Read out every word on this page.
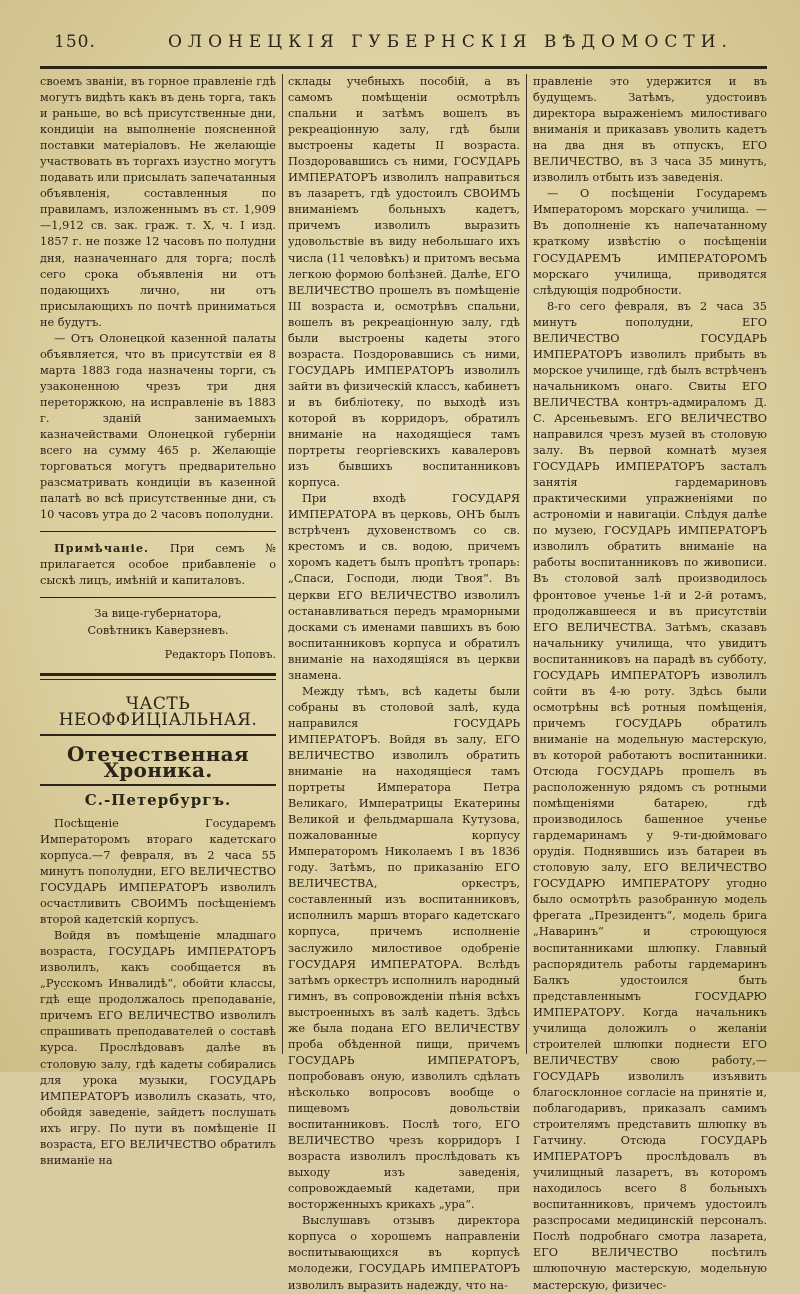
150.	ОЛОНЕЦКІЯ ГУБЕРНСКІЯ ВѢДОМОСТИ.

своемъ званіи, въ горное правленіе гдѣ могутъ видѣть какъ въ день торга, такъ и раньше, во всѣ присутственные дни, кондиціи на выполненіе поясненной поставки матеріаловъ. Не желающіе участвовать въ торгахъ изустно могутъ подавать или присылать запечатанныя объявленія, составленныя по правиламъ, изложеннымъ въ ст. 1,909—1,912 св. зак. граж. т. X, ч. I изд. 1857 г. не позже 12 часовъ по полудни дня, назначеннаго для торга; послѣ сего срока объявленія ни отъ подающихъ лично, ни отъ присылающихъ по почтѣ приниматься не будутъ.

— Отъ Олонецкой казенной палаты объявляется, что въ присутствіи ея 8 марта 1883 года назначены торги, съ узаконенною чрезъ три дня переторжкою, на исправленіе въ 1883 г. зданій занимаемыхъ казначействами Олонецкой губерніи всего на сумму 465 р. Желающіе торговаться могутъ предварительно разсматривать кондиціи въ казенной палатѣ во всѣ присутственные дни, съ 10 часовъ утра до 2 часовъ пополудни.

Примѣчаніе. При семъ № прилагается особое прибавленіе о сыскѣ лицъ, имѣній и капиталовъ.

За вице-губернатора,

Совѣтникъ Каверзневъ.

Редакторъ Поповъ.

ЧАСТЬ НЕОФФИЦІАЛЬНАЯ.
Отечественная Хроника.
С.-Петербургъ.

Посѣщеніе Государемъ Императоромъ втораго кадетскаго корпуса.—7 февраля, въ 2 часа 55 минутъ пополудни, ЕГО ВЕЛИЧЕСТВО ГОСУДАРЬ ИМПЕРАТОРЪ изволилъ осчастливить СВОИМЪ посѣщеніемъ второй кадетскій корпусъ.

Войдя въ помѣщеніе младшаго возраста, ГОСУДАРЬ ИМПЕРАТОРЪ изволилъ, какъ сообщается въ „Русскомъ Инвалидѣ“, обойти классы, гдѣ еще продолжалось преподаваніе, причемъ ЕГО ВЕЛИЧЕСТВО изволилъ спрашивать преподавателей о составѣ курса. Прослѣдовавъ далѣе въ столовую залу, гдѣ кадеты собирались для урока музыки, ГОСУДАРЬ ИМПЕРАТОРЪ изволилъ сказать, что, обойдя заведеніе, зайдетъ послушать ихъ игру. По пути въ помѣщеніе II возраста, ЕГО ВЕЛИЧЕСТВО обратилъ вниманіе на

склады учебныхъ пособій, а въ самомъ помѣщеніи осмотрѣлъ спальни и затѣмъ вошелъ въ рекреаціонную залу, гдѣ были выстроены кадеты II возраста. Поздоровавшись съ ними, ГОСУДАРЬ ИМПЕРАТОРЪ изволилъ направиться въ лазаретъ, гдѣ удостоилъ СВОИМЪ вниманіемъ больныхъ кадетъ, причемъ изволилъ выразить удовольствіе въ виду небольшаго ихъ числа (11 человѣкъ) и притомъ весьма легкою формою болѣзней. Далѣе, ЕГО ВЕЛИЧЕСТВО прошелъ въ помѣщеніе III возраста и, осмотрѣвъ спальни, вошелъ въ рекреаціонную залу, гдѣ были выстроены кадеты этого возраста. Поздоровавшись съ ними, ГОСУДАРЬ ИМПЕРАТОРЪ изволилъ зайти въ физическій классъ, кабинетъ и въ библіотеку, по выходѣ изъ которой въ корридоръ, обратилъ вниманіе на находящіеся тамъ портреты георгіевскихъ кавалеровъ изъ бывшихъ воспитанниковъ корпуса.

При входѣ ГОСУДАРЯ ИМПЕРАТОРА въ церковь, ОНЪ былъ встрѣченъ духовенствомъ со св. крестомъ и св. водою, причемъ хоромъ кадетъ былъ пропѣтъ тропарь: „Спаси, Господи, люди Твоя“. Въ церкви ЕГО ВЕЛИЧЕСТВО изволилъ останавливаться передъ мраморными досками съ именами павшихъ въ бою воспитанниковъ корпуса и обратилъ вниманіе на находящіяся въ церкви знамена.

Между тѣмъ, всѣ кадеты были собраны въ столовой залѣ, куда направился ГОСУДАРЬ ИМПЕРАТОРЪ. Войдя въ залу, ЕГО ВЕЛИЧЕСТВО изволилъ обратить вниманіе на находящіеся тамъ портреты Императора Петра Великаго, Императрицы Екатерины Великой и фельдмаршала Кутузова, пожалованные корпусу Императоромъ Николаемъ I въ 1836 году. Затѣмъ, по приказанію ЕГО ВЕЛИЧЕСТВА, оркестръ, составленный изъ воспитанниковъ, исполнилъ маршъ втораго кадетскаго корпуса, причемъ исполненіе заслужило милостивое одобреніе ГОСУДАРЯ ИМПЕРАТОРА. Вслѣдъ затѣмъ оркестръ исполнилъ народный гимнъ, въ сопровожденіи пѣнія всѣхъ выстроенныхъ въ залѣ кадетъ. Здѣсь же была подана ЕГО ВЕЛИЧЕСТВУ проба обѣденной пищи, причемъ ГОСУДАРЬ ИМПЕРАТОРЪ, попробовавъ оную, изволилъ сдѣлать нѣсколько вопросовъ вообще о пищевомъ довольствіи воспитанниковъ. Послѣ того, ЕГО ВЕЛИЧЕСТВО чрезъ корридоръ I возраста изволилъ прослѣдовать къ выходу изъ заведенія, сопровождаемый кадетами, при восторженныхъ крикахъ „ура“.

Выслушавъ отзывъ директора корпуса о хорошемъ направленіи воспитывающихся въ корпусѣ молодежи, ГОСУДАРЬ ИМПЕРАТОРЪ изволилъ выразить надежду, что на-

правленіе это удержится и въ будущемъ. Затѣмъ, удостоивъ директора выраженіемъ милостиваго вниманія и приказавъ уволить кадетъ на два дня въ отпускъ, ЕГО ВЕЛИЧЕСТВО, въ 3 часа 35 минутъ, изволилъ отбыть изъ заведенія.

— О посѣщеніи Государемъ Императоромъ морскаго училища. — Въ дополненіе къ напечатанному краткому извѣстію о посѣщеніи ГОСУДАРЕМЪ ИМПЕРАТОРОМЪ морскаго училища, приводятся слѣдующія подробности.

8-го сего февраля, въ 2 часа 35 минутъ пополудни, ЕГО ВЕЛИЧЕСТВО ГОСУДАРЬ ИМПЕРАТОРЪ изволилъ прибыть въ морское училище, гдѣ былъ встрѣченъ начальникомъ онаго. Свиты ЕГО ВЕЛИЧЕСТВА контръ-адмираломъ Д. С. Арсеньевымъ. ЕГО ВЕЛИЧЕСТВО направился чрезъ музей въ столовую залу. Въ первой комнатѣ музея ГОСУДАРЬ ИМПЕРАТОРЪ засталъ занятія гардемариновъ практическими упражненіями по астрономіи и навигаціи. Слѣдуя далѣе по музею, ГОСУДАРЬ ИМПЕРАТОРЪ изволилъ обратить вниманіе на работы воспитанниковъ по живописи. Въ столовой залѣ производилось фронтовое ученье 1-й и 2-й ротамъ, продолжавшееся и въ присутствіи ЕГО ВЕЛИЧЕСТВА. Затѣмъ, сказавъ начальнику училища, что увидитъ воспитанниковъ на парадѣ въ субботу, ГОСУДАРЬ ИМПЕРАТОРЪ изволилъ сойти въ 4-ю роту. Здѣсь были осмотрѣны всѣ ротныя помѣщенія, причемъ ГОСУДАРЬ обратилъ вниманіе на модельную мастерскую, въ которой работаютъ воспитанники. Отсюда ГОСУДАРЬ прошелъ въ расположенную рядомъ съ ротными помѣщеніями батарею, гдѣ производилось башенное ученье гардемаринамъ у 9-ти-дюймоваго орудія. Поднявшись изъ батареи въ столовую залу, ЕГО ВЕЛИЧЕСТВО ГОСУДАРЮ ИМПЕРАТОРУ угодно было осмотрѣть разобранную модель фрегата „Президентъ“, модель брига „Наваринъ“ и строющуюся воспитанниками шлюпку. Главный распорядитель работы гардемаринъ Балкъ удостоился быть представленнымъ ГОСУДАРЮ ИМПЕРАТОРУ. Когда начальникъ училища доложилъ о желаніи строителей шлюпки поднести ЕГО ВЕЛИЧЕСТВУ свою работу,—ГОСУДАРЬ изволилъ изъявить благосклонное согласіе на принятіе и, поблагодаривъ, приказалъ самимъ строителямъ представить шлюпку въ Гатчину. Отсюда ГОСУДАРЬ ИМПЕРАТОРЪ прослѣдовалъ въ училищный лазаретъ, въ которомъ находилось всего 8 больныхъ воспитанниковъ, причемъ удостоилъ разспросами медицинскій персоналъ. Послѣ подробнаго смотра лазарета, ЕГО ВЕЛИЧЕСТВО посѣтилъ шлюпочную мастерскую, модельную мастерскую, физичес-
